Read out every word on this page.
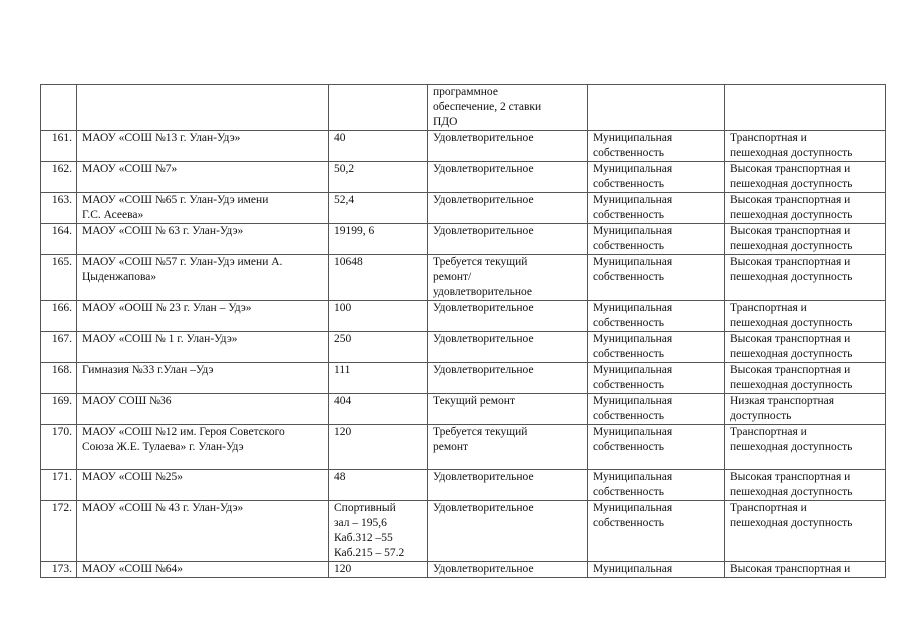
			программное
обеспечение, 2 ставки
ПДО		
161.	МАОУ «СОШ №13 г. Улан-Удэ»	40	Удовлетворительное	Муниципальная
собственность	Транспортная и
пешеходная доступность
162.	МАОУ «СОШ №7»	50,2	Удовлетворительное	Муниципальная
собственность	Высокая транспортная и
пешеходная доступность
163.	МАОУ «СОШ №65 г. Улан-Удэ имени
Г.С. Асеева»	52,4	Удовлетворительное	Муниципальная
собственность	Высокая транспортная и
пешеходная доступность
164.	МАОУ «СОШ № 63 г. Улан-Удэ»	19199, 6	Удовлетворительное	Муниципальная
собственность	Высокая транспортная и
пешеходная доступность
165.	МАОУ «СОШ №57 г. Улан-Удэ имени А.
Цыденжапова»	10648	Требуется текущий
ремонт/
удовлетворительное	Муниципальная
собственность	Высокая транспортная и
пешеходная доступность
166.	МАОУ «ООШ № 23 г. Улан – Удэ»	100	Удовлетворительное	Муниципальная
собственность	Транспортная и
пешеходная доступность
167.	МАОУ «СОШ № 1 г. Улан-Удэ»	250	Удовлетворительное	Муниципальная
собственность	Высокая транспортная и
пешеходная доступность
168.	Гимназия №33 г.Улан –Удэ	111	Удовлетворительное	Муниципальная
собственность	Высокая транспортная и
пешеходная доступность
169.	МАОУ СОШ №36	404	Текущий ремонт	Муниципальная
собственность	Низкая транспортная
доступность
170.	МАОУ «СОШ №12 им. Героя Советского
Союза Ж.Е. Тулаева» г. Улан-Удэ	120	Требуется текущий
ремонт	Муниципальная
собственность	Транспортная и
пешеходная доступность
171.	МАОУ «СОШ №25»	48	Удовлетворительное	Муниципальная
собственность	Высокая транспортная и
пешеходная доступность
172.	МАОУ «СОШ № 43 г. Улан-Удэ»	Спортивный
зал – 195,6
Каб.312 –55
Каб.215 – 57.2	Удовлетворительное	Муниципальная
собственность	Транспортная и
пешеходная доступность
173.	МАОУ «СОШ №64»	120	Удовлетворительное	Муниципальная	Высокая транспортная и
